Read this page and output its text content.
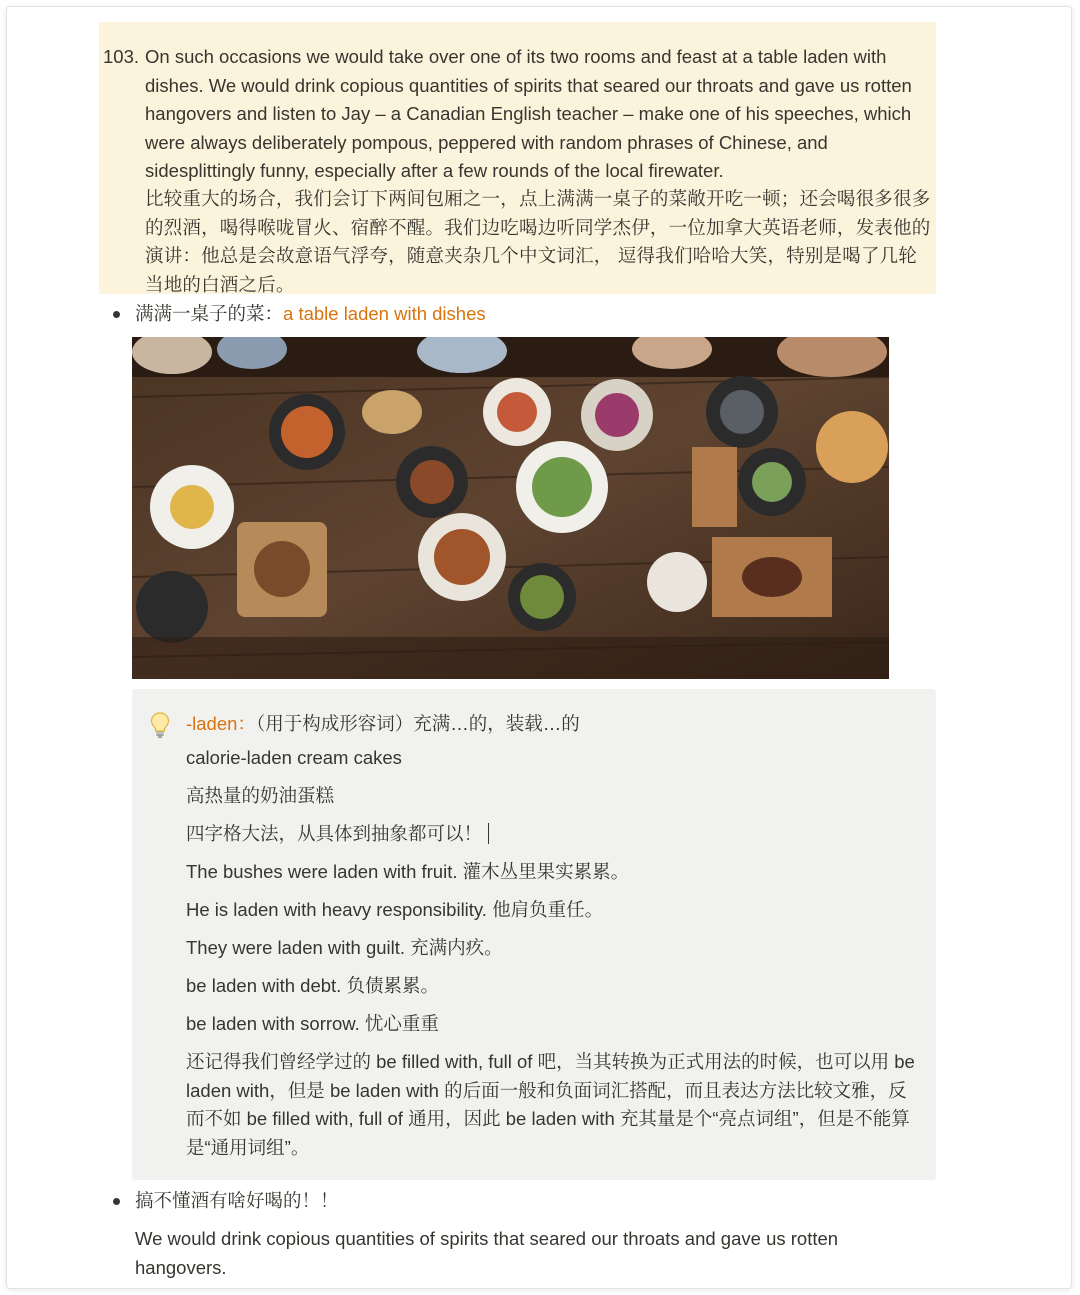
103. On such occasions we would take over one of its two rooms and feast at a table laden with dishes. We would drink copious quantities of spirits that seared our throats and gave us rotten hangovers and listen to Jay – a Canadian English teacher – make one of his speeches, which were always deliberately pompous, peppered with random phrases of Chinese, and sidesplittingly funny, especially after a few rounds of the local firewater.
比较重大的场合，我们会订下两间包厢之一，点上满满一桌子的菜敞开吃一顿；还会喝很多很多的烈酒，喝得喉咙冒火、宿醉不醒。我们边吃喝边听同学杰伊，一位加拿大英语老师，发表他的演讲：他总是会故意语气浮夸，随意夹杂几个中文词汇， 逗得我们哈哈大笑，特别是喝了几轮当地的白酒之后。
满满一桌子的菜：a table laden with dishes
-laden：（用于构成形容词）充满…的，装载…的
calorie-laden cream cakes
高热量的奶油蛋糕
四字格大法，从具体到抽象都可以！
The bushes were laden with fruit. 灌木丛里果实累累。
He is laden with heavy responsibility. 他肩负重任。
They were laden with guilt. 充满内疚。
be laden with debt. 负债累累。
be laden with sorrow. 忧心重重
还记得我们曾经学过的 be filled with, full of 吧，当其转换为正式用法的时候，也可以用 be laden with，但是 be laden with 的后面一般和负面词汇搭配，而且表达方法比较文雅，反而不如 be filled with, full of 通用，因此 be laden with 充其量是个“亮点词组”，但是不能算是“通用词组”。
搞不懂酒有啥好喝的！！
We would drink copious quantities of spirits that seared our throats and gave us rotten hangovers.
